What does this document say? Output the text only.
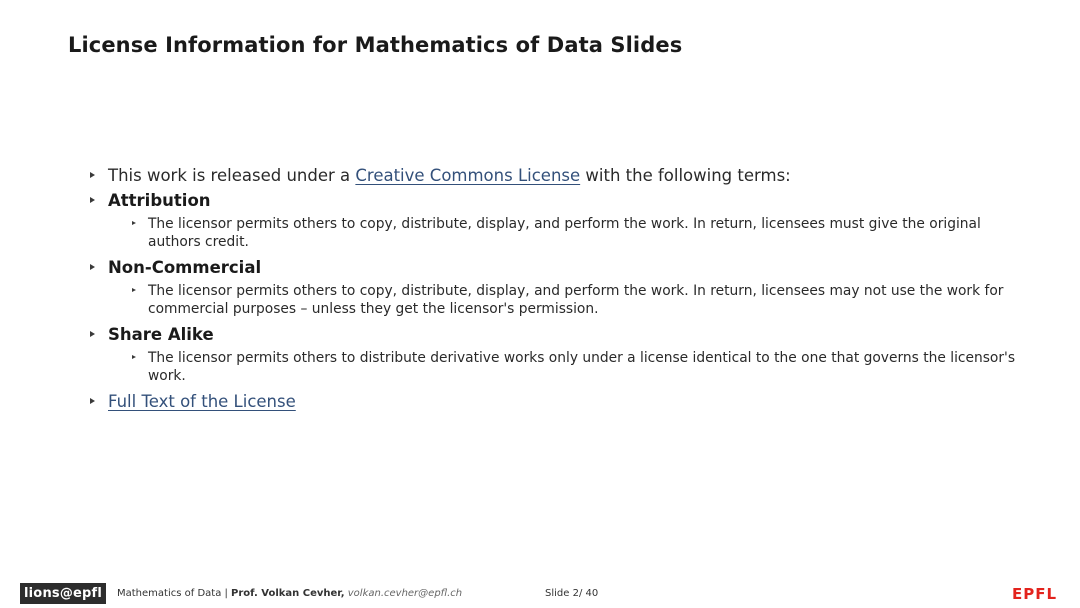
License Information for Mathematics of Data Slides
This work is released under a Creative Commons License with the following terms:
Attribution
The licensor permits others to copy, distribute, display, and perform the work. In return, licensees must give the original authors credit.
Non-Commercial
The licensor permits others to copy, distribute, display, and perform the work. In return, licensees may not use the work for commercial purposes – unless they get the licensor's permission.
Share Alike
The licensor permits others to distribute derivative works only under a license identical to the one that governs the licensor's work.
Full Text of the License
lions@epfl	Mathematics of Data | Prof. Volkan Cevher, volkan.cevher@epfl.ch	Slide 2/ 40	EPFL
